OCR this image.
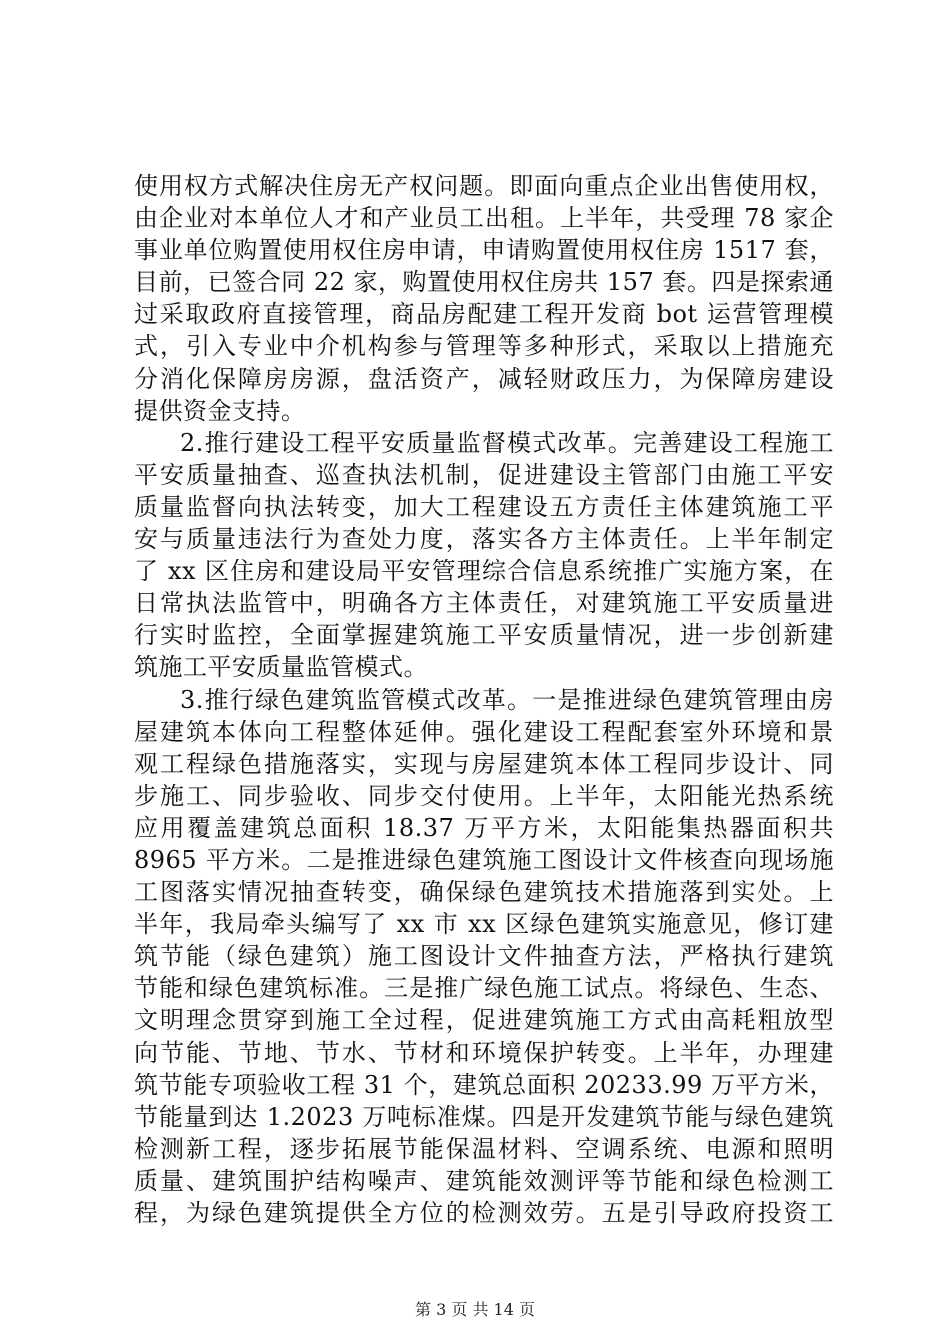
使用权方式解决住房无产权问题。即面向重点企业出售使用权，
由企业对本单位人才和产业员工出租。上半年，共受理 78 家企
事业单位购置使用权住房申请，申请购置使用权住房 1517 套，
目前，已签合同 22 家，购置使用权住房共 157 套。四是探索通
过采取政府直接管理，商品房配建工程开发商 bot 运营管理模
式，引入专业中介机构参与管理等多种形式，采取以上措施充
分消化保障房房源，盘活资产，减轻财政压力，为保障房建设
提供资金支持。
2.推行建设工程平安质量监督模式改革。完善建设工程施工
平安质量抽查、巡查执法机制，促进建设主管部门由施工平安
质量监督向执法转变，加大工程建设五方责任主体建筑施工平
安与质量违法行为查处力度，落实各方主体责任。上半年制定
了 xx 区住房和建设局平安管理综合信息系统推广实施方案，在
日常执法监管中，明确各方主体责任，对建筑施工平安质量进
行实时监控，全面掌握建筑施工平安质量情况，进一步创新建
筑施工平安质量监管模式。
3.推行绿色建筑监管模式改革。一是推进绿色建筑管理由房
屋建筑本体向工程整体延伸。强化建设工程配套室外环境和景
观工程绿色措施落实，实现与房屋建筑本体工程同步设计、同
步施工、同步验收、同步交付使用。上半年，太阳能光热系统
应用覆盖建筑总面积 18.37 万平方米，太阳能集热器面积共
8965 平方米。二是推进绿色建筑施工图设计文件核查向现场施
工图落实情况抽查转变，确保绿色建筑技术措施落到实处。上
半年，我局牵头编写了 xx 市 xx 区绿色建筑实施意见，修订建
筑节能（绿色建筑）施工图设计文件抽查方法，严格执行建筑
节能和绿色建筑标准。三是推广绿色施工试点。将绿色、生态、
文明理念贯穿到施工全过程，促进建筑施工方式由高耗粗放型
向节能、节地、节水、节材和环境保护转变。上半年，办理建
筑节能专项验收工程 31 个，建筑总面积 20233.99 万平方米，
节能量到达 1.2023 万吨标准煤。四是开发建筑节能与绿色建筑
检测新工程，逐步拓展节能保温材料、空调系统、电源和照明
质量、建筑围护结构噪声、建筑能效测评等节能和绿色检测工
程，为绿色建筑提供全方位的检测效劳。五是引导政府投资工
第 3 页 共 14 页
